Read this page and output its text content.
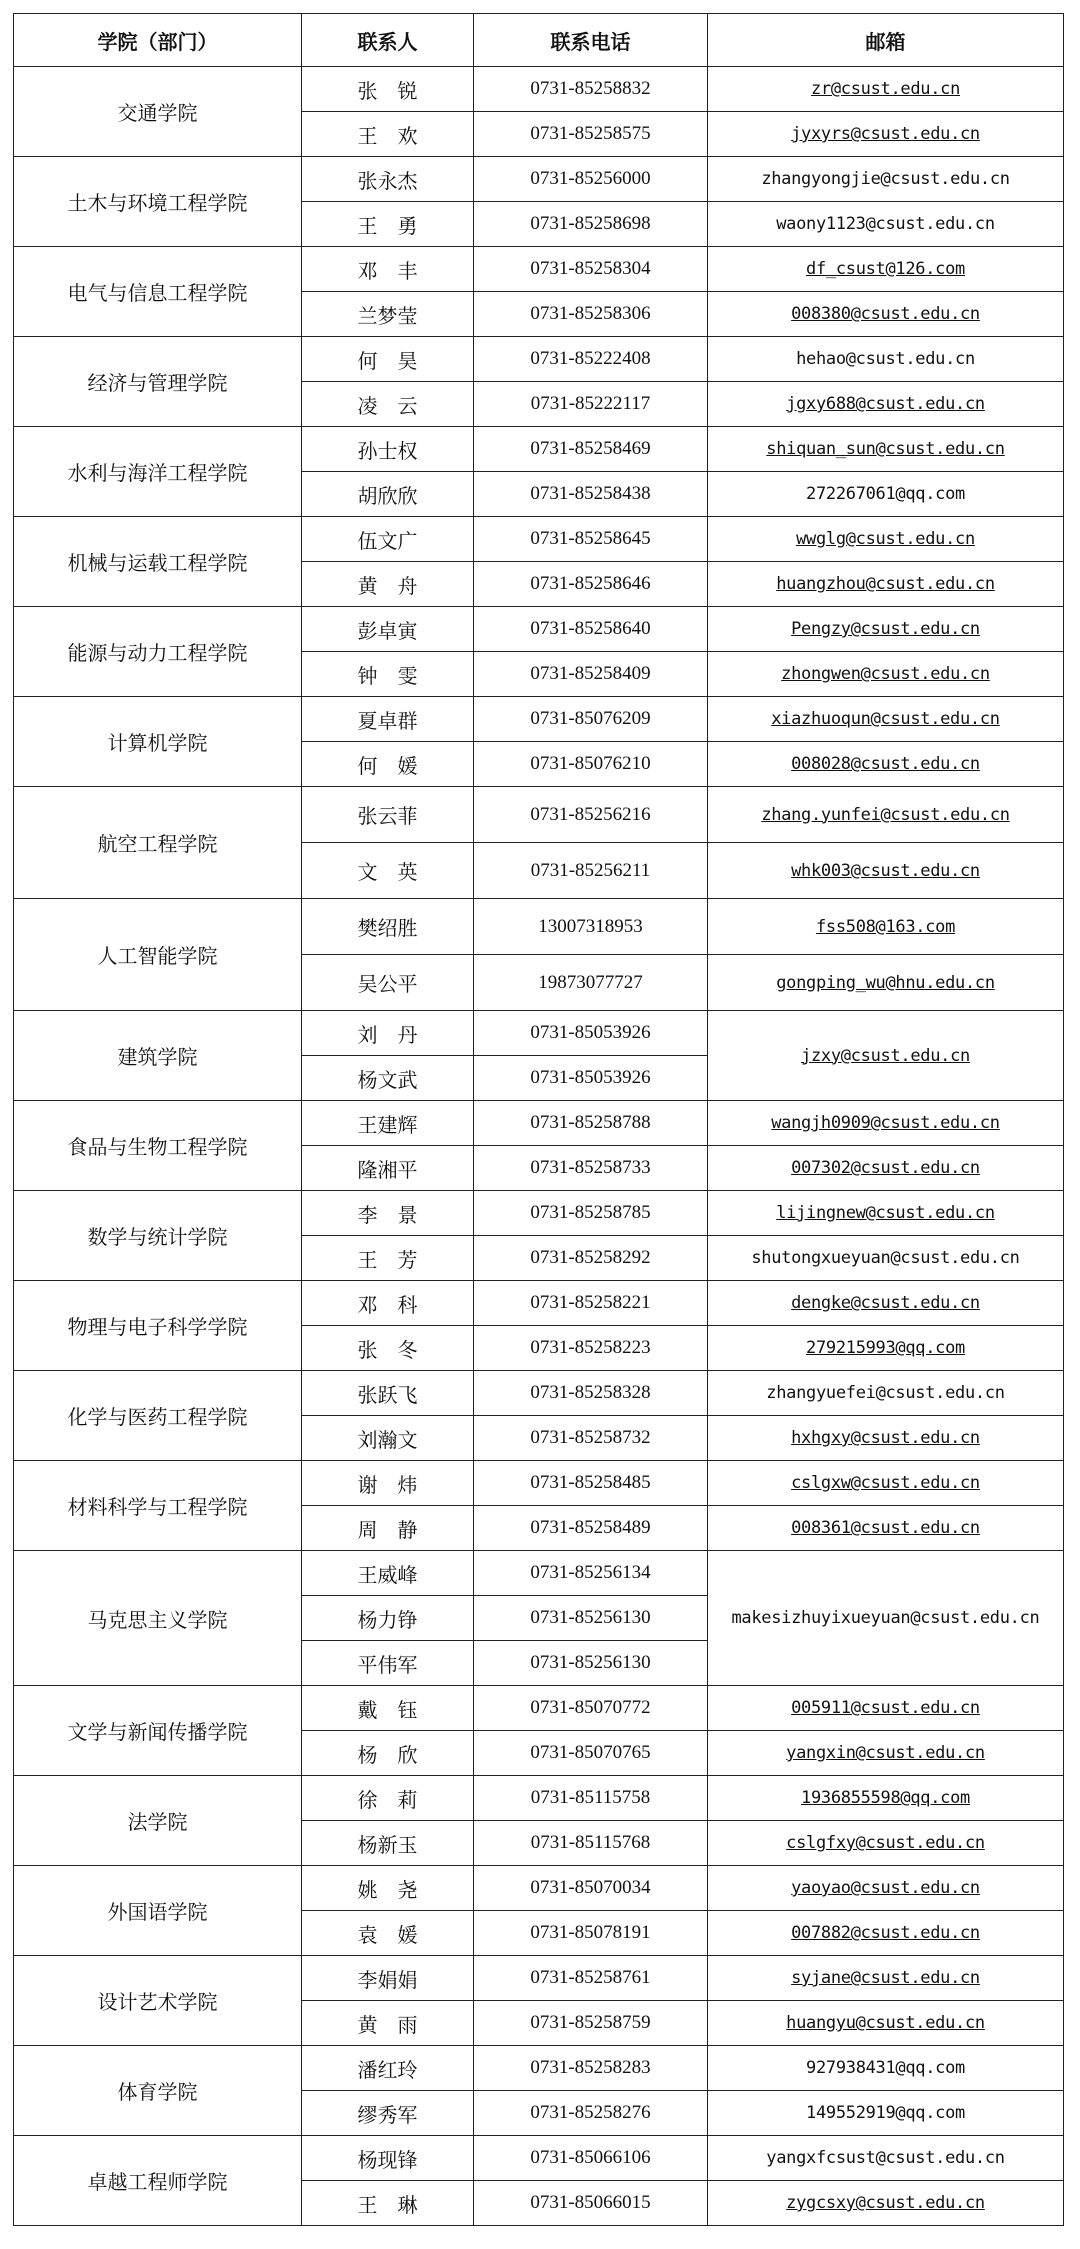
学院（部门）	联系人	联系电话	邮箱
交通学院	张　锐	0731-85258832	zr@csust.edu.cn
	王　欢	0731-85258575	jyxyrs@csust.edu.cn
土木与环境工程学院	张永杰	0731-85256000	zhangyongjie@csust.edu.cn
	王　勇	0731-85258698	waony1123@csust.edu.cn
电气与信息工程学院	邓　丰	0731-85258304	df_csust@126.com
	兰梦莹	0731-85258306	008380@csust.edu.cn
经济与管理学院	何　昊	0731-85222408	hehao@csust.edu.cn
	凌　云	0731-85222117	jgxy688@csust.edu.cn
水利与海洋工程学院	孙士权	0731-85258469	shiquan_sun@csust.edu.cn
	胡欣欣	0731-85258438	272267061@qq.com
机械与运载工程学院	伍文广	0731-85258645	wwglg@csust.edu.cn
	黄　舟	0731-85258646	huangzhou@csust.edu.cn
能源与动力工程学院	彭卓寅	0731-85258640	Pengzy@csust.edu.cn
	钟　雯	0731-85258409	zhongwen@csust.edu.cn
计算机学院	夏卓群	0731-85076209	xiazhuoqun@csust.edu.cn
	何　媛	0731-85076210	008028@csust.edu.cn
航空工程学院	张云菲	0731-85256216	zhang.yunfei@csust.edu.cn
	文　英	0731-85256211	whk003@csust.edu.cn
人工智能学院	樊绍胜	13007318953	fss508@163.com
	吴公平	19873077727	gongping_wu@hnu.edu.cn
建筑学院	刘　丹	0731-85053926	jzxy@csust.edu.cn
	杨文武	0731-85053926	
食品与生物工程学院	王建辉	0731-85258788	wangjh0909@csust.edu.cn
	隆湘平	0731-85258733	007302@csust.edu.cn
数学与统计学院	李　景	0731-85258785	lijingnew@csust.edu.cn
	王　芳	0731-85258292	shutongxueyuan@csust.edu.cn
物理与电子科学学院	邓　科	0731-85258221	dengke@csust.edu.cn
	张　冬	0731-85258223	279215993@qq.com
化学与医药工程学院	张跃飞	0731-85258328	zhangyuefei@csust.edu.cn
	刘瀚文	0731-85258732	hxhgxy@csust.edu.cn
材料科学与工程学院	谢　炜	0731-85258485	cslgxw@csust.edu.cn
	周　静	0731-85258489	008361@csust.edu.cn
马克思主义学院	王威峰	0731-85256134	makesizhuyixueyuan@csust.edu.cn
	杨力铮	0731-85256130	
	平伟军	0731-85256130	
文学与新闻传播学院	戴　钰	0731-85070772	005911@csust.edu.cn
	杨　欣	0731-85070765	yangxin@csust.edu.cn
法学院	徐　莉	0731-85115758	1936855598@qq.com
	杨新玉	0731-85115768	cslgfxy@csust.edu.cn
外国语学院	姚　尧	0731-85070034	yaoyao@csust.edu.cn
	袁　媛	0731-85078191	007882@csust.edu.cn
设计艺术学院	李娟娟	0731-85258761	syjane@csust.edu.cn
	黄　雨	0731-85258759	huangyu@csust.edu.cn
体育学院	潘红玲	0731-85258283	927938431@qq.com
	缪秀军	0731-85258276	149552919@qq.com
卓越工程师学院	杨现锋	0731-85066106	yangxfcsust@csust.edu.cn
	王　琳	0731-85066015	zygcsxy@csust.edu.cn
